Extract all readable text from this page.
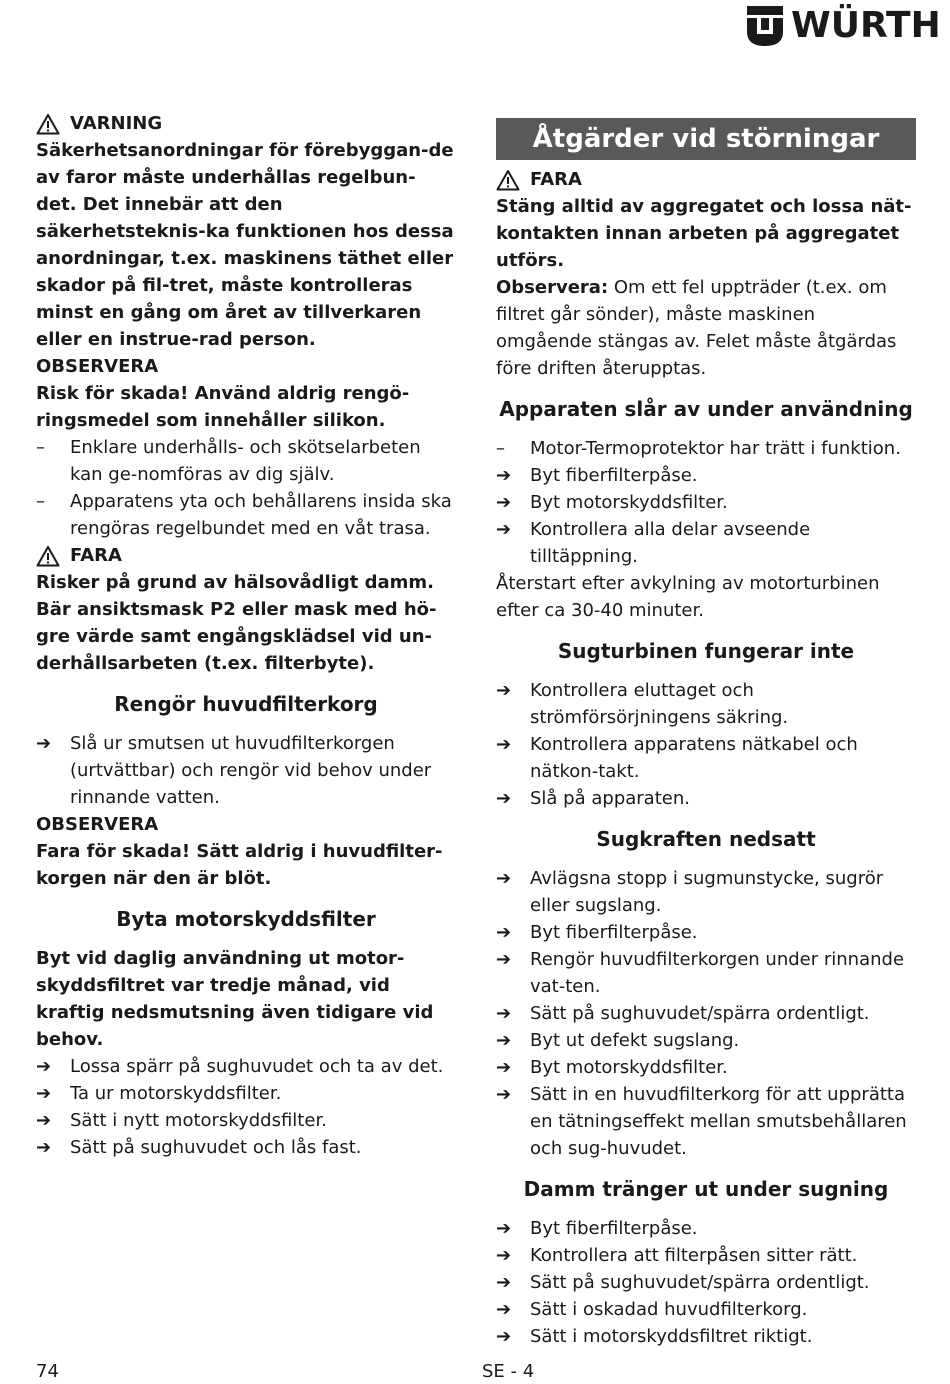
WÜRTH
VARNING

Säkerhetsanordningar för förebyggan-de av faror måste underhållas regelbun-det. Det innebär att den säkerhetsteknis-ka funktionen hos dessa anordningar, t.ex. maskinens täthet eller skador på fil-tret, måste kontrolleras minst en gång om året av tillverkaren eller en instrue-rad person.

OBSERVERA

Risk för skada! Använd aldrig rengö-ringsmedel som innehåller silikon.

–	Enklare underhålls- och skötselarbeten kan ge-nomföras av dig själv.
–	Apparatens yta och behållarens insida ska rengöras regelbundet med en våt trasa.
FARA

Risker på grund av hälsovådligt damm. Bär ansiktsmask P2 eller mask med hö-gre värde samt engångsklädsel vid un-derhållsarbeten (t.ex. filterbyte).

Rengör huvudfilterkorg
➔	Slå ur smutsen ut huvudfilterkorgen (urtvättbar) och rengör vid behov under rinnande vatten.

OBSERVERA

Fara för skada! Sätt aldrig i huvudfilter-korgen när den är blöt.

Byta motorskyddsfilter

Byt vid daglig användning ut motor-skyddsfiltret var tredje månad, vid kraftig nedsmutsning även tidigare vid behov.

➔	Lossa spärr på sughuvudet och ta av det.
➔	Ta ur motorskyddsfilter.
➔	Sätt i nytt motorskyddsfilter.
➔	Sätt på sughuvudet och lås fast.
Åtgärder vid störningar
FARA

Stäng alltid av aggregatet och lossa nät-kontakten innan arbeten på aggregatet utförs.

Observera: Om ett fel uppträder (t.ex. om filtret går sönder), måste maskinen omgående stängas av. Felet måste åtgärdas före driften återupptas.

Apparaten slår av under användning
–	Motor-Termoprotektor har trätt i funktion.
➔	Byt fiberfilterpåse.
➔	Byt motorskyddsfilter.
➔	Kontrollera alla delar avseende tilltäppning.

Återstart efter avkylning av motorturbinen efter ca 30-40 minuter.

Sugturbinen fungerar inte
➔	Kontrollera eluttaget och strömförsörjningens säkring.
➔	Kontrollera apparatens nätkabel och nätkon-takt.
➔	Slå på apparaten.
Sugkraften nedsatt
➔	Avlägsna stopp i sugmunstycke, sugrör eller sugslang.
➔	Byt fiberfilterpåse.
➔	Rengör huvudfilterkorgen under rinnande vat-ten.
➔	Sätt på sughuvudet/spärra ordentligt.
➔	Byt ut defekt sugslang.
➔	Byt motorskyddsfilter.
➔	Sätt in en huvudfilterkorg för att upprätta en tätningseffekt mellan smutsbehållaren och sug-huvudet.
Damm tränger ut under sugning
➔	Byt fiberfilterpåse.
➔	Kontrollera att filterpåsen sitter rätt.
➔	Sätt på sughuvudet/spärra ordentligt.
➔	Sätt i oskadad huvudfilterkorg.
➔	Sätt i motorskyddsfiltret riktigt.
74	SE - 4
